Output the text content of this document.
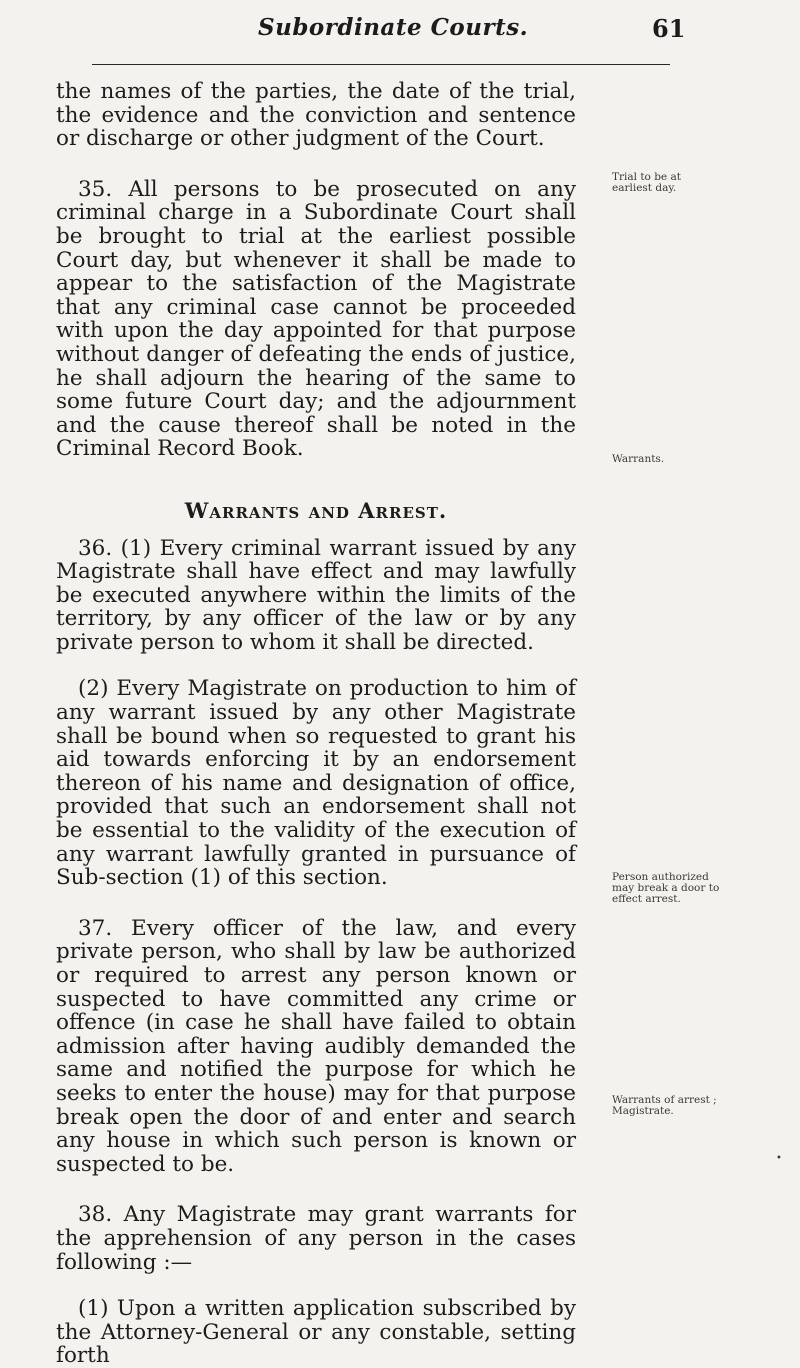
Subordinate Courts.	61

the names of the parties, the date of the trial, the evidence and the conviction and sentence or discharge or other judgment of the Court.

35. All persons to be prosecuted on any criminal charge in a Subordinate Court shall be brought to trial at the earliest possible Court day, but whenever it shall be made to appear to the satisfaction of the Magistrate that any criminal case cannot be proceeded with upon the day appointed for that purpose without danger of defeating the ends of justice, he shall adjourn the hearing of the same to some future Court day; and the adjournment and the cause thereof shall be noted in the Criminal Record Book.

Warrants and Arrest.

36. (1) Every criminal warrant issued by any Magistrate shall have effect and may lawfully be executed anywhere within the limits of the territory, by any officer of the law or by any private person to whom it shall be directed.

(2) Every Magistrate on production to him of any warrant issued by any other Magistrate shall be bound when so requested to grant his aid towards enforcing it by an endorsement thereon of his name and designation of office, provided that such an endorsement shall not be essential to the validity of the execution of any warrant lawfully granted in pursuance of Sub-section (1) of this section.

37. Every officer of the law, and every private person, who shall by law be authorized or required to arrest any person known or suspected to have committed any crime or offence (in case he shall have failed to obtain admission after having audibly demanded the same and notified the purpose for which he seeks to enter the house) may for that purpose break open the door of and enter and search any house in which such person is known or suspected to be.

38. Any Magistrate may grant warrants for the apprehension of any person in the cases following :—

(1) Upon a written application subscribed by the Attorney-General or any constable, setting forth

Trial to be at earliest day.
Warrants.
Person authorized may break a door to effect arrest.
Warrants of arrest ; Magistrate.
•
